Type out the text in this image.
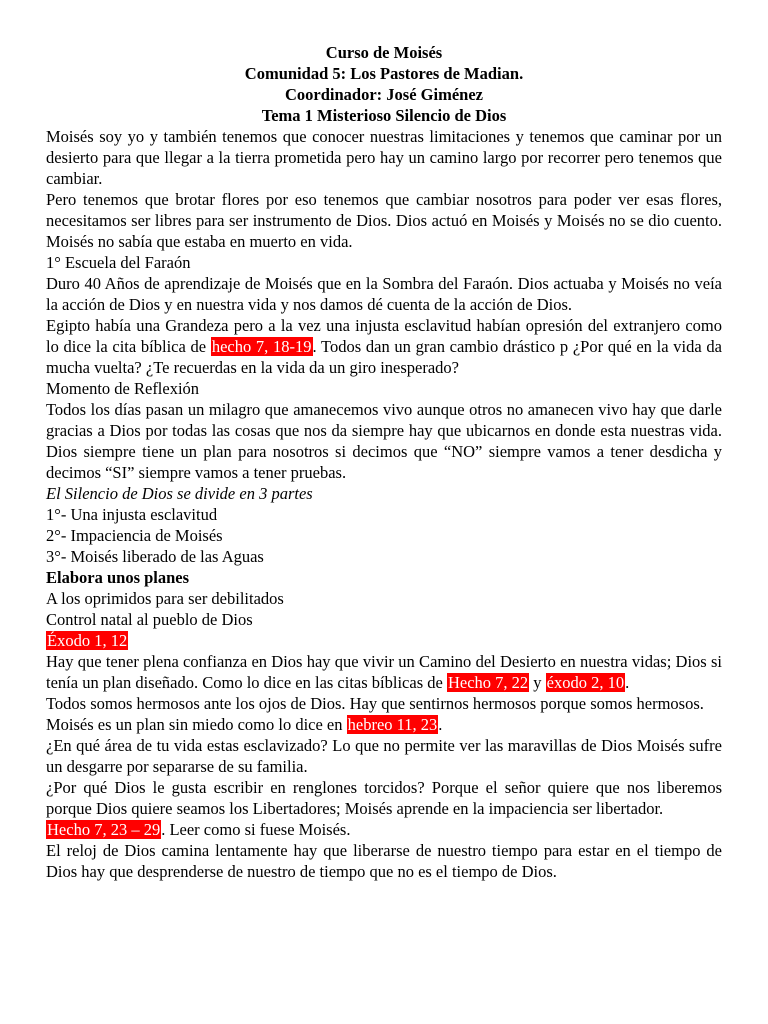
Curso de Moisés

Comunidad 5: Los Pastores de Madian.

Coordinador: José Giménez

Tema 1 Misterioso Silencio de Dios

Moisés soy yo y también tenemos que conocer nuestras limitaciones y tenemos que caminar por un desierto para que llegar a la tierra prometida pero hay un camino largo por recorrer pero tenemos que cambiar.

Pero tenemos que brotar flores por eso tenemos que cambiar nosotros para poder ver esas flores, necesitamos ser libres para ser instrumento de Dios. Dios actuó en Moisés y Moisés no se dio cuento. Moisés no sabía que estaba en muerto en vida.

1° Escuela del Faraón

Duro 40 Años de aprendizaje de Moisés que en la Sombra del Faraón. Dios actuaba y Moisés no veía la acción de Dios y en nuestra vida y nos damos dé cuenta de la acción de Dios.

Egipto había una Grandeza pero a la vez una injusta esclavitud habían opresión del extranjero como lo dice la cita bíblica de hecho 7, 18-19. Todos dan un gran cambio drástico p ¿Por qué en la vida da mucha vuelta? ¿Te recuerdas en la vida da un giro inesperado?

Momento de Reflexión

Todos los días pasan un milagro que amanecemos vivo aunque otros no amanecen vivo hay que darle gracias a Dios por todas las cosas que nos da siempre hay que ubicarnos en donde esta nuestras vida. Dios siempre tiene un plan para nosotros si decimos que “NO” siempre vamos a tener desdicha y decimos “SI” siempre vamos a tener pruebas.

El Silencio de Dios se divide en 3 partes

1°- Una injusta esclavitud

2°- Impaciencia de Moisés

3°- Moisés liberado de las Aguas

Elabora unos planes

A los oprimidos para ser debilitados

Control natal al pueblo de Dios

Éxodo 1, 12

Hay que tener plena confianza en Dios hay que vivir un Camino del Desierto en nuestra vidas; Dios si tenía un plan diseñado. Como lo dice en las citas bíblicas de Hecho 7, 22 y éxodo 2, 10.

Todos somos hermosos ante los ojos de Dios. Hay que sentirnos hermosos porque somos hermosos.

Moisés es un plan sin miedo como lo dice en hebreo 11, 23.

¿En qué área de tu vida estas esclavizado? Lo que no permite ver las maravillas de Dios Moisés sufre un desgarre por separarse de su familia.

¿Por qué Dios le gusta escribir en renglones torcidos? Porque el señor quiere que nos liberemos porque Dios quiere seamos los Libertadores; Moisés aprende en la impaciencia ser libertador.

Hecho 7, 23 – 29. Leer como si fuese Moisés.

El reloj de Dios camina lentamente hay que liberarse de nuestro tiempo para estar en el tiempo de Dios hay que desprenderse de nuestro de tiempo que no es el tiempo de Dios.
